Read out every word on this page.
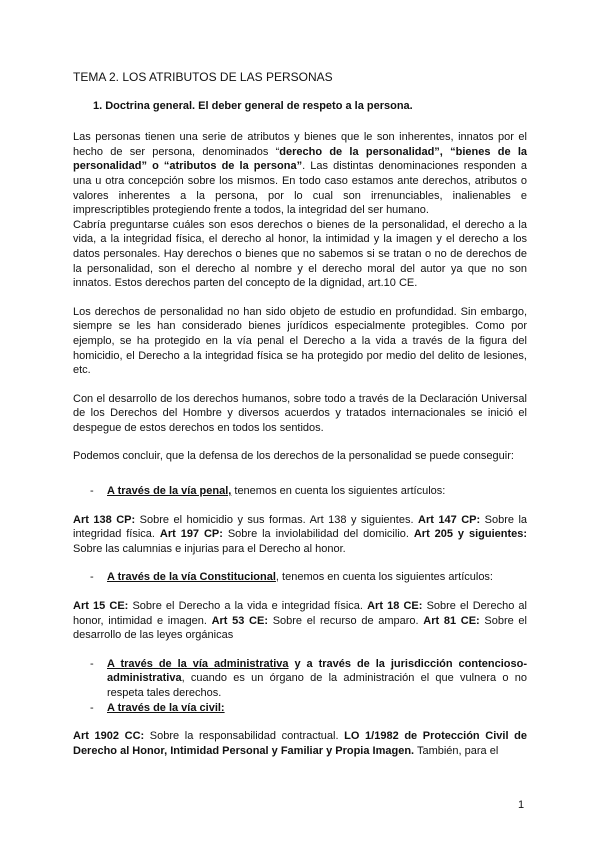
TEMA 2. LOS ATRIBUTOS DE LAS PERSONAS
1. Doctrina general. El deber general de respeto a la persona.

Las personas tienen una serie de atributos y bienes que le son inherentes, innatos por el hecho de ser persona, denominados “derecho de la personalidad”, “bienes de la personalidad” o “atributos de la persona”. Las distintas denominaciones responden a una u otra concepción sobre los mismos. En todo caso estamos ante derechos, atributos o valores inherentes a la persona, por lo cual son irrenunciables, inalienables e imprescriptibles protegiendo frente a todos, la integridad del ser humano.

Cabría preguntarse cuáles son esos derechos o bienes de la personalidad, el derecho a la vida, a la integridad física, el derecho al honor, la intimidad y la imagen y el derecho a los datos personales. Hay derechos o bienes que no sabemos si se tratan o no de derechos de la personalidad, son el derecho al nombre y el derecho moral del autor ya que no son innatos. Estos derechos parten del concepto de la dignidad, art.10 CE.

Los derechos de personalidad no han sido objeto de estudio en profundidad. Sin embargo, siempre se les han considerado bienes jurídicos especialmente protegibles. Como por ejemplo, se ha protegido en la vía penal el Derecho a la vida a través de la figura del homicidio, el Derecho a la integridad física se ha protegido por medio del delito de lesiones, etc.

Con el desarrollo de los derechos humanos, sobre todo a través de la Declaración Universal de los Derechos del Hombre y diversos acuerdos y tratados internacionales se inició el despegue de estos derechos en todos los sentidos.

Podemos concluir, que la defensa de los derechos de la personalidad se puede conseguir:

-	A través de la vía penal, tenemos en cuenta los siguientes artículos:

Art 138 CP: Sobre el homicidio y sus formas. Art 138 y siguientes. Art 147 CP: Sobre la integridad física. Art 197 CP: Sobre la inviolabilidad del domicilio. Art 205 y siguientes: Sobre las calumnias e injurias para el Derecho al honor.

-	A través de la vía Constitucional, tenemos en cuenta los siguientes artículos:

Art 15 CE: Sobre el Derecho a la vida e integridad física. Art 18 CE: Sobre el Derecho al honor, intimidad e imagen. Art 53 CE: Sobre el recurso de amparo. Art 81 CE: Sobre el desarrollo de las leyes orgánicas

-	A través de la vía administrativa y a través de la jurisdicción contencioso-administrativa, cuando es un órgano de la administración el que vulnera o no respeta tales derechos.
-	A través de la vía civil:

Art 1902 CC: Sobre la responsabilidad contractual. LO 1/1982 de Protección Civil de Derecho al Honor, Intimidad Personal y Familiar y Propia Imagen. También, para el

1
